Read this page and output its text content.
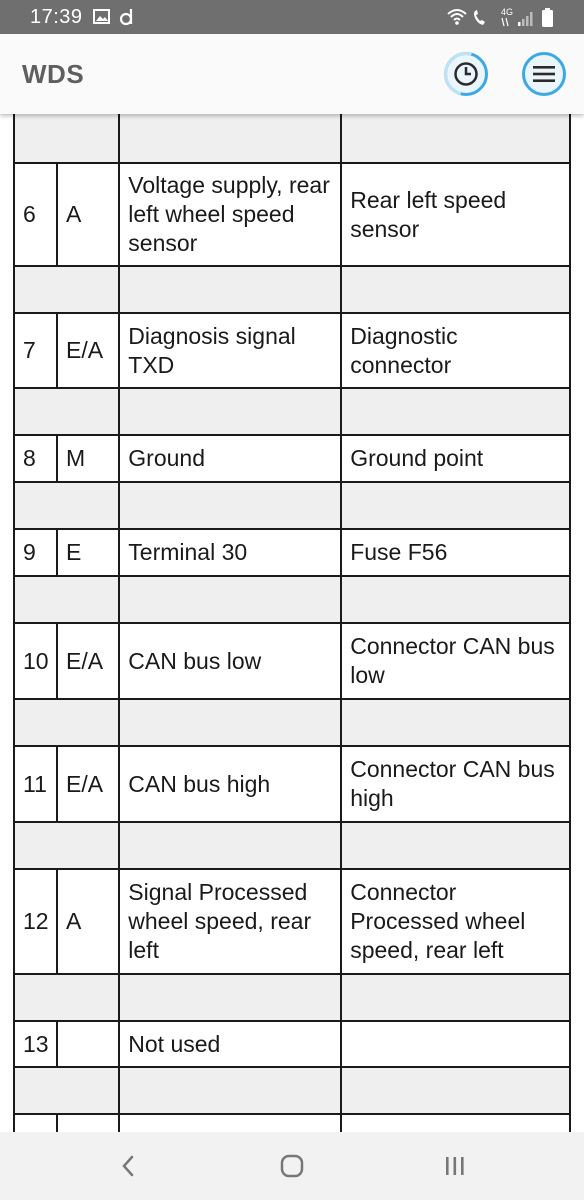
17:39	4G
WDS

6	A	Voltage supply, rear left wheel speed sensor	Rear left speed sensor

7	E/A	Diagnosis signal TXD	Diagnostic connector

8	M	Ground	Ground point

9	E	Terminal 30	Fuse F56

10	E/A	CAN bus low	Connector CAN bus low

11	E/A	CAN bus high	Connector CAN bus high

12	A	Signal Processed wheel speed, rear left	Connector Processed wheel speed, rear left

13		Not used	
